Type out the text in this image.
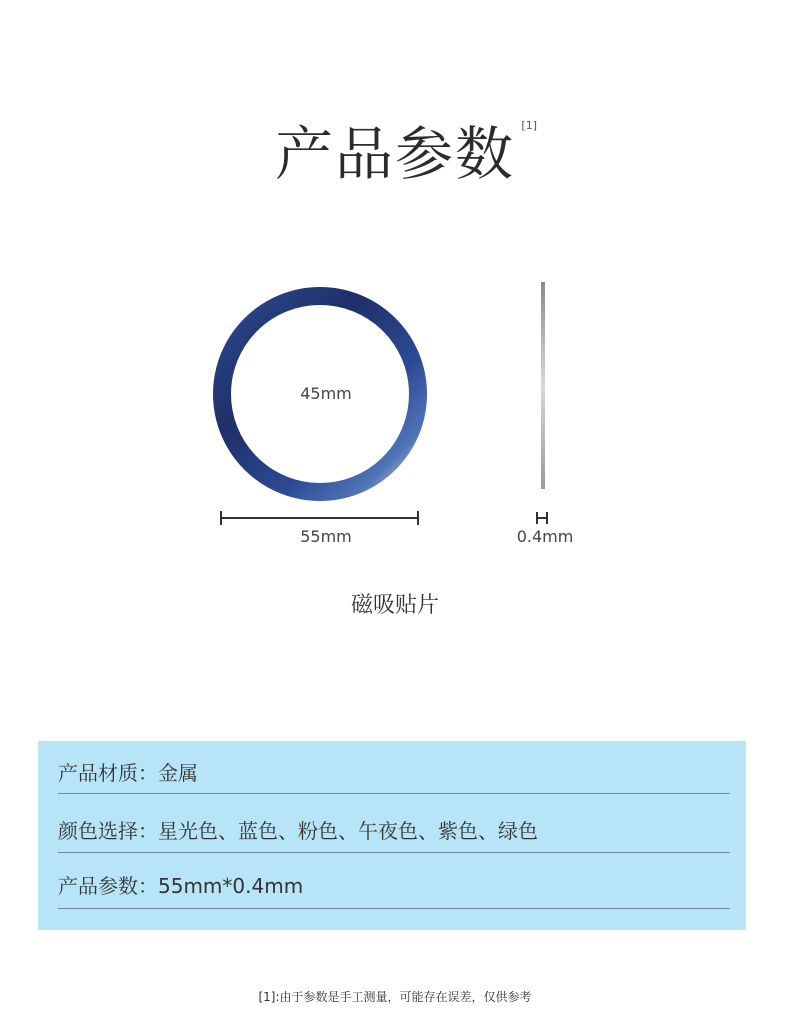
产品参数 [1]
45mm
55mm	0.4mm
磁吸贴片
产品材质：金属
颜色选择：星光色、蓝色、粉色、午夜色、紫色、绿色
产品参数：55mm*0.4mm
[1]:由于参数是手工测量，可能存在误差，仅供参考
